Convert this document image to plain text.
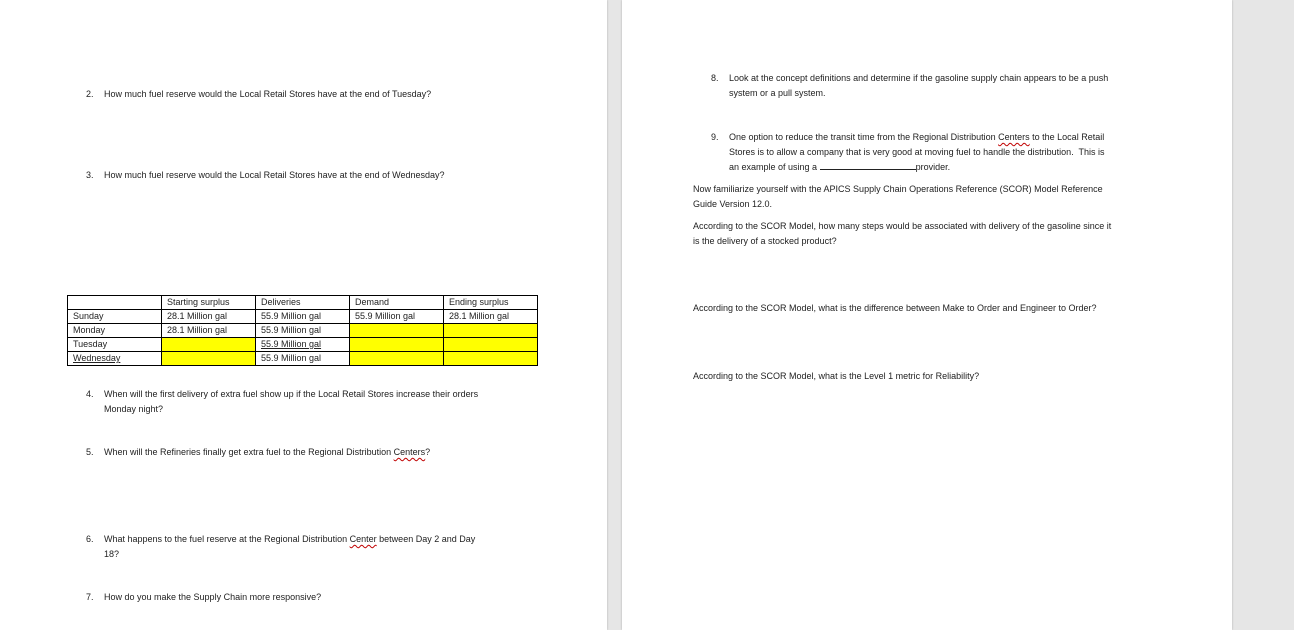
2. How much fuel reserve would the Local Retail Stores have at the end of Tuesday?
3. How much fuel reserve would the Local Retail Stores have at the end of Wednesday?
	Starting surplus	Deliveries	Demand	Ending surplus
Sunday	28.1 Million gal	55.9 Million gal	55.9 Million gal	28.1 Million gal
Monday	28.1 Million gal	55.9 Million gal		
Tuesday		55.9 Million gal		
Wednesday		55.9 Million gal		
4. When will the first delivery of extra fuel show up if the Local Retail Stores increase their orders
Monday night?
5. When will the Refineries finally get extra fuel to the Regional Distribution Centers?
6. What happens to the fuel reserve at the Regional Distribution Center between Day 2 and Day
18?
7. How do you make the Supply Chain more responsive?
8. Look at the concept definitions and determine if the gasoline supply chain appears to be a push
system or a pull system.
9. One option to reduce the transit time from the Regional Distribution Centers to the Local Retail
Stores is to allow a company that is very good at moving fuel to handle the distribution.  This is
an example of using a	provider.
Now familiarize yourself with the APICS Supply Chain Operations Reference (SCOR) Model Reference
Guide Version 12.0.
According to the SCOR Model, how many steps would be associated with delivery of the gasoline since it
is the delivery of a stocked product?
According to the SCOR Model, what is the difference between Make to Order and Engineer to Order?
According to the SCOR Model, what is the Level 1 metric for Reliability?
